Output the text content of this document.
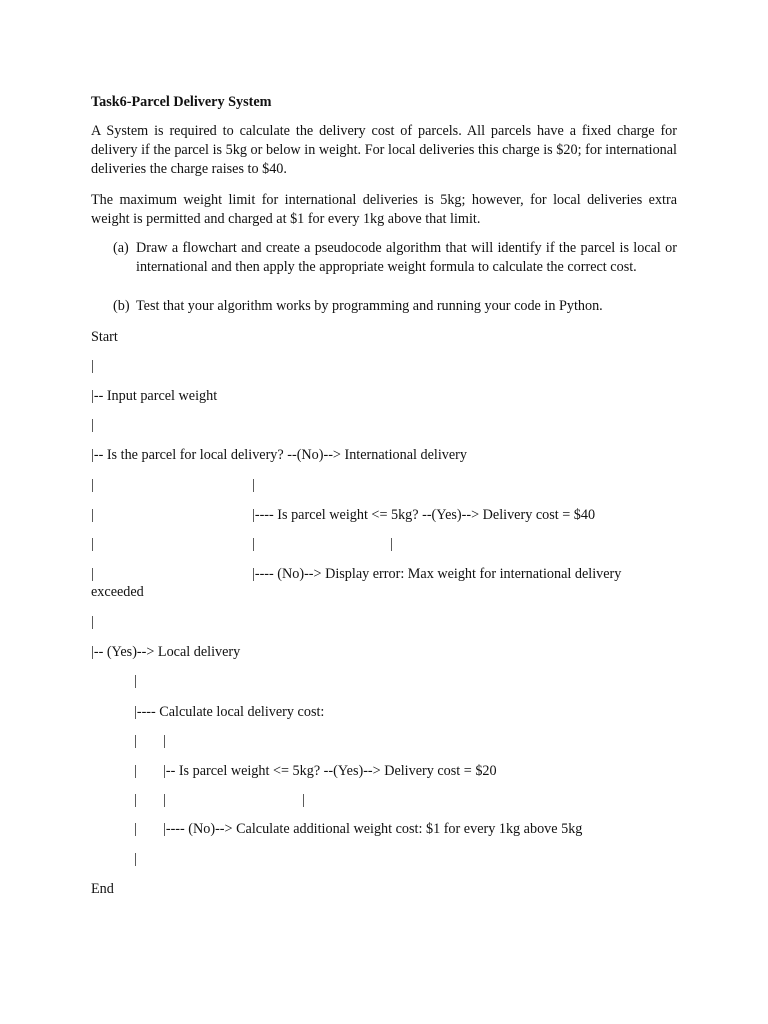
Task6-Parcel Delivery System
A System is required to calculate the delivery cost of parcels. All parcels have a fixed charge for delivery if the parcel is 5kg or below in weight. For local deliveries this charge is $20; for international deliveries the charge raises to $40.
The maximum weight limit for international deliveries is 5kg; however, for local deliveries extra weight is permitted and charged at $1 for every 1kg above that limit.
(a) Draw a flowchart and create a pseudocode algorithm that will identify if the parcel is local or international and then apply the appropriate weight formula to calculate the correct cost.
(b) Test that your algorithm works by programming and running your code in Python.
Start
|
|-- Input parcel weight
|
|-- Is the parcel for local delivery? --(No)--> International delivery
|	|
|	|---- Is parcel weight <= 5kg? --(Yes)--> Delivery cost = $40
|	|	|
|	|---- (No)--> Display error: Max weight for international delivery
exceeded
|
|-- (Yes)--> Local delivery
|
|---- Calculate local delivery cost:
| |
| |-- Is parcel weight <= 5kg? --(Yes)--> Delivery cost = $20
| |	|
| |---- (No)--> Calculate additional weight cost: $1 for every 1kg above 5kg
|
End
